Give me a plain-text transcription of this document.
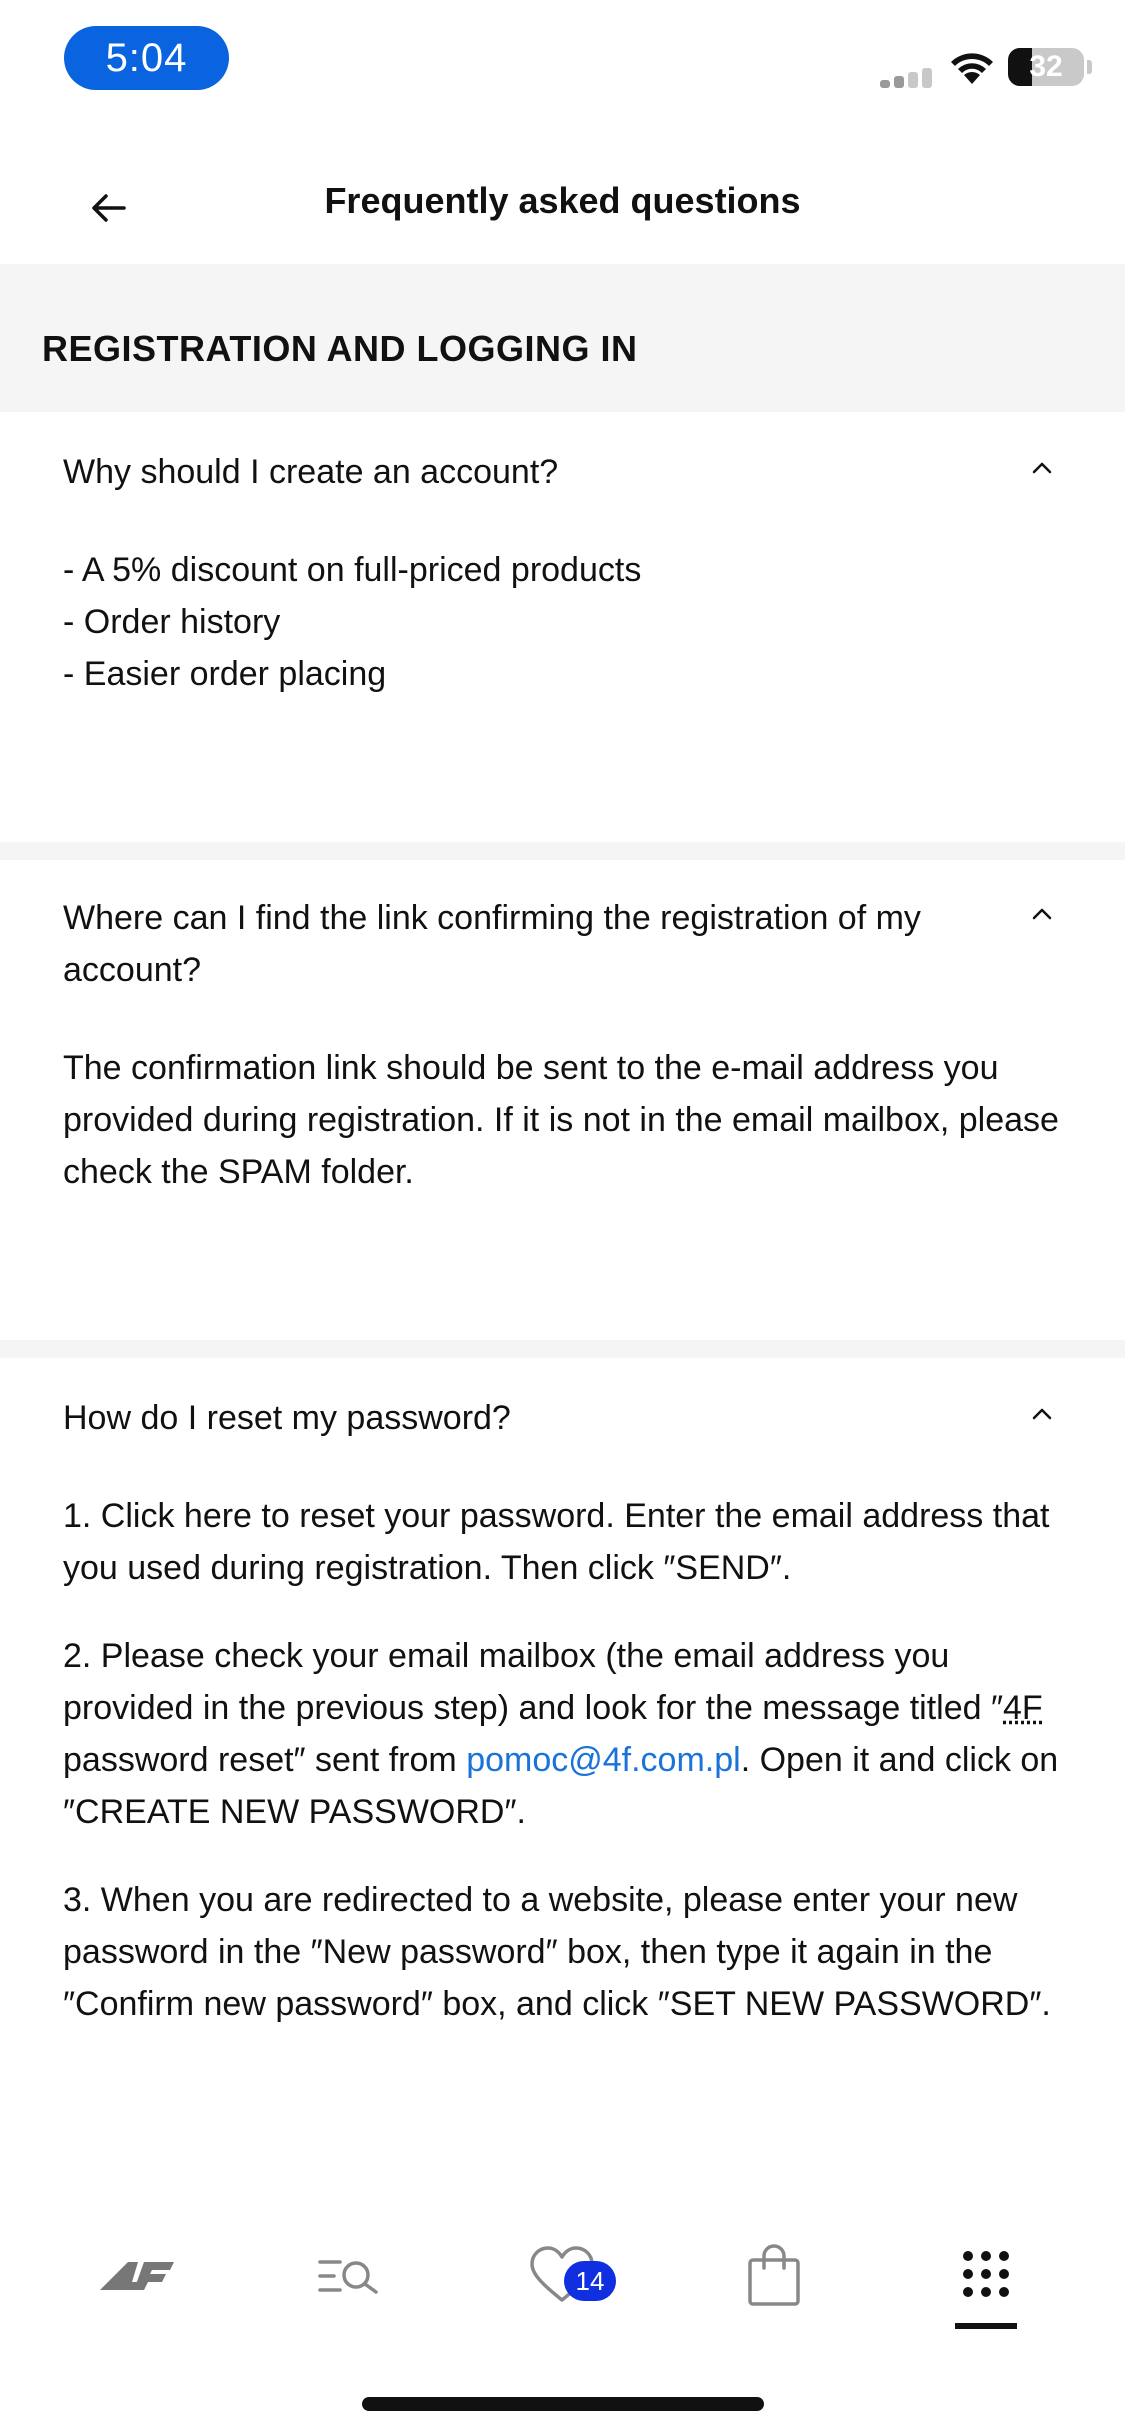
5:04	32
Frequently asked questions
REGISTRATION AND LOGGING IN
Why should I create an account?
- A 5% discount on full-priced products
- Order history
- Easier order placing
Where can I find the link confirming the registration of my account?
The confirmation link should be sent to the e-mail address you provided during registration. If it is not in the email mailbox, please check the SPAM folder.
How do I reset my password?

1. Click here to reset your password. Enter the email address that you used during registration. Then click ″SEND″.

2. Please check your email mailbox (the email address you provided in the previous step) and look for the message titled ″4F password reset″ sent from pomoc@4f.com.pl. Open it and click on ″CREATE NEW PASSWORD″.

3. When you are redirected to a website, please enter your new password in the ″New password″ box, then type it again in the ″Confirm new password″ box, and click ″SET NEW PASSWORD″.

14
